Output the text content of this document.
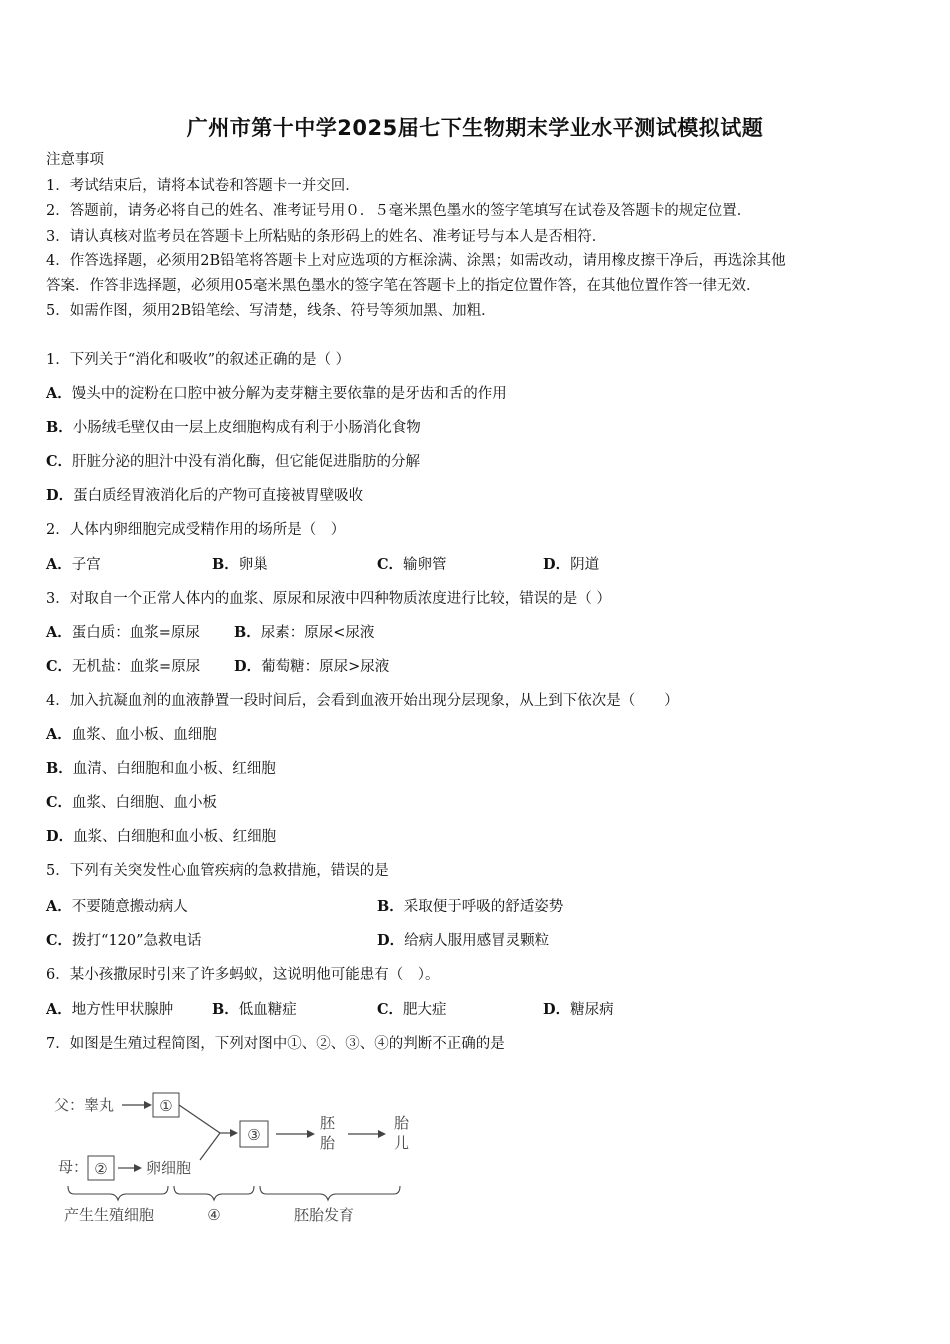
广州市第十中学2025届七下生物期末学业水平测试模拟试题
注意事项
1．考试结束后，请将本试卷和答题卡一并交回．
2．答题前，请务必将自己的姓名、准考证号用０．５毫米黑色墨水的签字笔填写在试卷及答题卡的规定位置．
3．请认真核对监考员在答题卡上所粘贴的条形码上的姓名、准考证号与本人是否相符．
4．作答选择题，必须用2B铅笔将答题卡上对应选项的方框涂满、涂黑；如需改动，请用橡皮擦干净后，再选涂其他
答案．作答非选择题，必须用05毫米黑色墨水的签字笔在答题卡上的指定位置作答，在其他位置作答一律无效．
5．如需作图，须用2B铅笔绘、写清楚，线条、符号等须加黑、加粗．
1．下列关于“消化和吸收”的叙述正确的是（ ）
A．馒头中的淀粉在口腔中被分解为麦芽糖主要依靠的是牙齿和舌的作用
B．小肠绒毛壁仅由一层上皮细胞构成有利于小肠消化食物
C．肝脏分泌的胆汁中没有消化酶，但它能促进脂肪的分解
D．蛋白质经胃液消化后的产物可直接被胃壁吸收
2．人体内卵细胞完成受精作用的场所是（　）
A．子宫	B．卵巢	C．输卵管	D．阴道
3．对取自一个正常人体内的血浆、原尿和尿液中四种物质浓度进行比较，错误的是（ ）
A．蛋白质：血浆=原尿 B．尿素：原尿<尿液
C．无机盐：血浆=原尿 D．葡萄糖：原尿>尿液
4．加入抗凝血剂的血液静置一段时间后，会看到血液开始出现分层现象，从上到下依次是（　　）
A．血浆、血小板、血细胞
B．血清、白细胞和血小板、红细胞
C．血浆、白细胞、血小板
D．血浆、白细胞和血小板、红细胞
5．下列有关突发性心血管疾病的急救措施，错误的是
A．不要随意搬动病人	B．采取便于呼吸的舒适姿势
C．拨打“120”急救电话	D．给病人服用感冒灵颗粒
6．某小孩撒尿时引来了许多蚂蚁，这说明他可能患有（　）。
A．地方性甲状腺肿	B．低血糖症	C．肥大症	D．糖尿病
7．如图是生殖过程简图，下列对图中①、②、③、④的判断不正确的是
父：睾丸	①
③
胚
胎
胎
儿
母： ②	卵细胞
产生生殖细胞	④	胚胎发育
